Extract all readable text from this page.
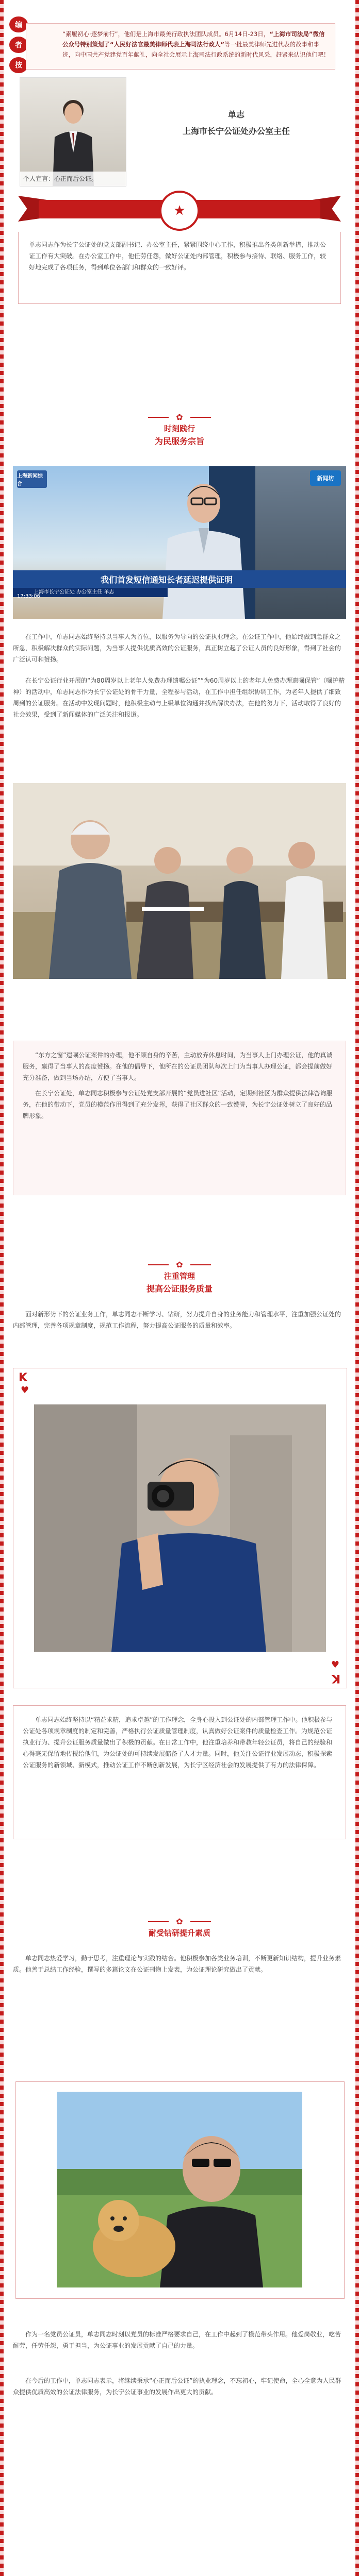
编
者
按
“素履初心·逐梦前行”，他们是上海市最美行政执法团队成员。6月14日-23日，“上海市司法局”微信公众号特别策划了“人民好法官最美律师代表上海司法行政人”等一批最美律师先进代表的故事和事迹，向中国共产党建党百年献礼，向全社会展示上海司法行政系统的新时代风采，赶紧来认识他们吧！
个人宣言：心正而后公证。
单志
上海市长宁公证处办公室主任
★
单志同志作为长宁公证处的党支部副书记、办公室主任，紧紧围绕中心工作，积极推出各类创新举措，推动公证工作有大突破。在办公室工作中，他任劳任怨，做好公证处内部管理，积极参与接待、联络、服务工作，较好地完成了各项任务，得到单位各部门和群众的一致好评。
✿
时刻践行
为民服务宗旨
上海新闻综合
新闻坊
我们首发短信通知长者延迟提供证明
上海市长宁公证处 办公室主任 单志
17:33:06
在工作中，单志同志始终坚持以当事人为首位，以服务为导向的公证执业理念。在公证工作中，他始终做到急群众之所急，积极解决群众的实际问题，为当事人提供优质高效的公证服务，真正树立起了公证人员的良好形象，得到了社会的广泛认可和赞扬。
在长宁公证行业开展的“为80周岁以上老年人免费办理遗嘱公证”“为60周岁以上的老年人免费办理遗嘱保管”（嘱护精神）的活动中，单志同志作为长宁公证处的骨干力量，全程参与活动，在工作中担任组织协调工作，为老年人提供了细致周到的公证服务。在活动中发现问题时，他积极主动与上级单位沟通并找出解决办法，在他的努力下，活动取得了良好的社会效果，受到了新闻媒体的广泛关注和报道。

“东方之窗”遗嘱公证案件的办理，他不顾自身的辛苦，主动放弃休息时间，为当事人上门办理公证，他的真诚服务，赢得了当事人的高度赞扬。在他的倡导下，他所在的公证员团队每次上门为当事人办理公证，都会提前做好充分准备，做到当场办结，方便了当事人。

在长宁公证处，单志同志积极参与公证处党支部开展的“党员进社区”活动，定期到社区为群众提供法律咨询服务，在他的带动下，党员的模范作用得到了充分发挥，获得了社区群众的一致赞誉，为长宁公证处树立了良好的品牌形象。

✿
注重管理
提高公证服务质量
面对新形势下的公证业务工作，单志同志不断学习、钻研，努力提升自身的业务能力和管理水平，注重加强公证处的内部管理，完善各项规章制度，规范工作流程，努力提高公证服务的质量和效率。
K
♥
♥
K
单志同志始终坚持以“精益求精，追求卓越”的工作理念，全身心投入到公证处的内部管理工作中。他积极参与公证处各项规章制度的制定和完善，严格执行公证质量管理制度，认真做好公证案件的质量检查工作。为规范公证执业行为、提升公证服务质量做出了积极的贡献。在日常工作中，他注重培养和带教年轻公证员，将自己的经验和心得毫无保留地传授给他们，为公证处的可持续发展储备了人才力量。同时，他关注公证行业发展动态，积极探索公证服务的新领域、新模式，推动公证工作不断创新发展，为长宁区经济社会的发展提供了有力的法律保障。
✿
耐受钻研提升素质
单志同志热爱学习，勤于思考，注重理论与实践的结合。他积极参加各类业务培训，不断更新知识结构，提升业务素质。他善于总结工作经验，撰写的多篇论文在公证刊物上发表，为公证理论研究做出了贡献。
作为一名党员公证员，单志同志时刻以党员的标准严格要求自己，在工作中起到了模范带头作用。他爱岗敬业，吃苦耐劳，任劳任怨，勇于担当，为公证事业的发展贡献了自己的力量。
在今后的工作中，单志同志表示，将继续秉承“心正而后公证”的执业理念，不忘初心，牢记使命，全心全意为人民群众提供优质高效的公证法律服务，为长宁公证事业的发展作出更大的贡献。
